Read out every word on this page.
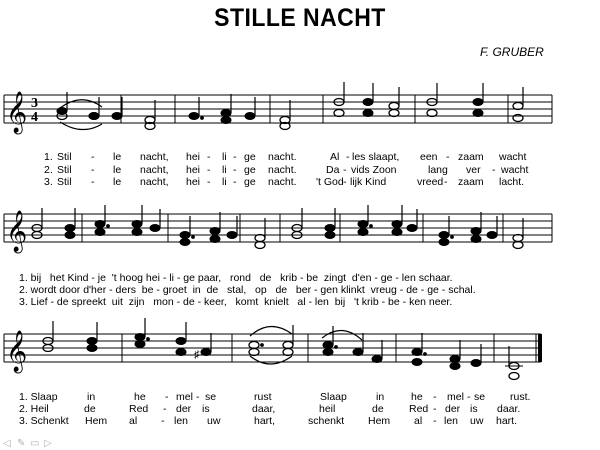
STILLE NACHT
F. GRUBER
𝄞 3
4
𝄞
𝄞	♯
1. Stil - le nacht, hei - li - ge nacht.	Al - les slaapt, een - zaam wacht
2. Stil - le nacht, hei - li - ge nacht.	Da - vids Zoon	lang ver - wacht
3. Stil - le nacht, hei - li - ge nacht. 't God - lijk Kind	vreed - zaam lacht.
1. bij   het Kind - je  't hoog hei - li - ge paar,   rond   de   krib - be  zingt  d'en - ge - len schaar.
2. wordt door d'her - ders  be - groet  in  de   stal,   op   de   ber - gen klinkt  vreug - de - ge - schal.
3. Lief - de spreekt  uit  zijn   mon - de - keer,   komt  knielt   al - len  bij   't krib - be - ken neer.
1. Slaap	in	he - mel - se	rust	Slaap	in	he - mel - se rust.
2. Heil	de	Red - der is	daar,	heil	de Red - der is daar.
3. Schenkt Hem al - len uw	hart,	schenkt Hem al - len uw hart.
◁ ✎ ▭ ▷
